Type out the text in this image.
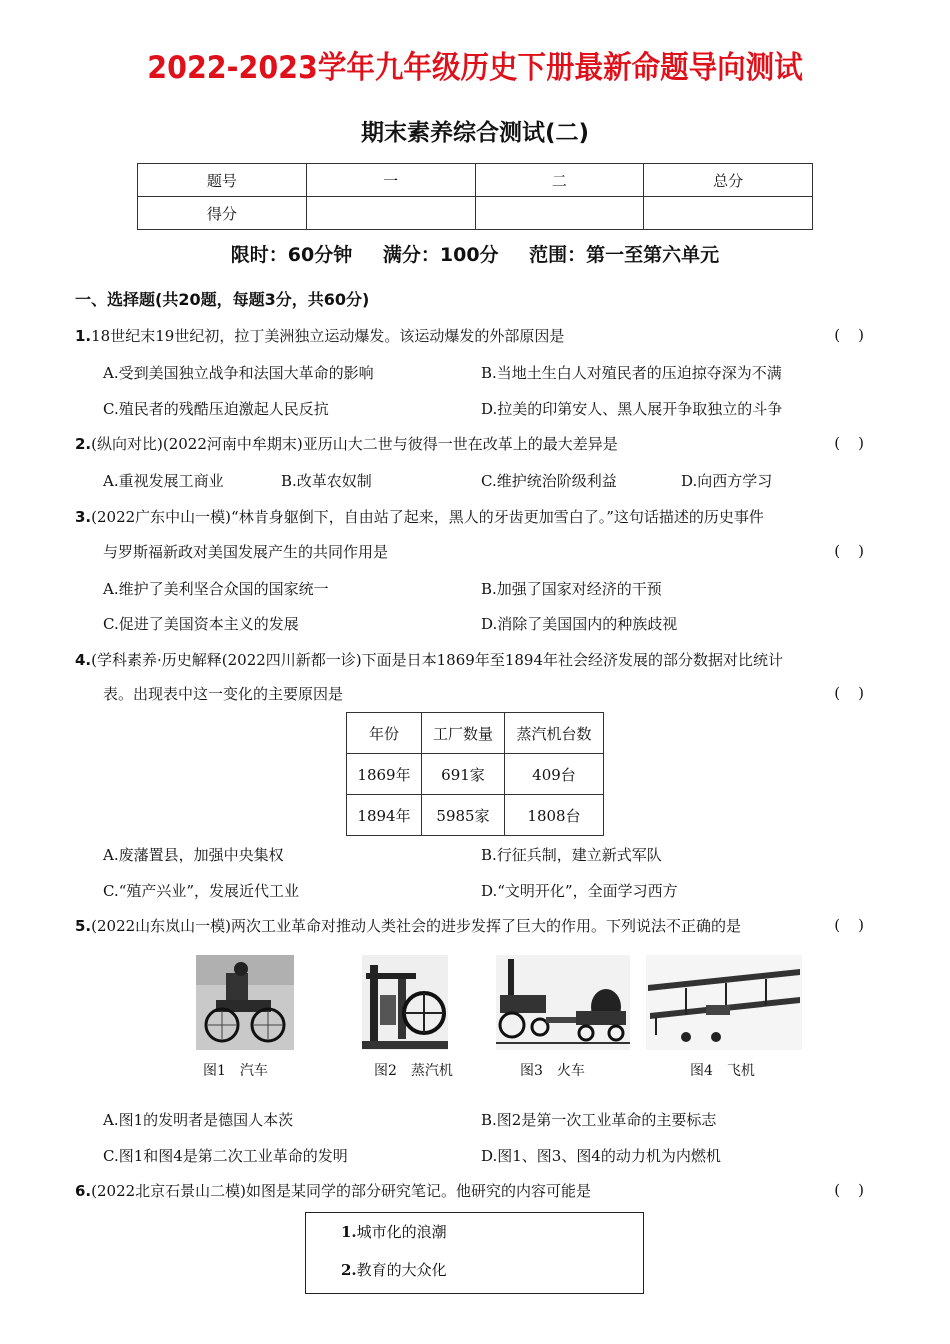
2022-2023学年九年级历史下册最新命题导向测试
期末素养综合测试(二)
题号	一	二	总分
得分			
限时：60分钟 满分：100分 范围：第一至第六单元
一、选择题(共20题，每题3分，共60分)
1.18世纪末19世纪初，拉丁美洲独立运动爆发。该运动爆发的外部原因是	()
A.受到美国独立战争和法国大革命的影响	B.当地土生白人对殖民者的压迫掠夺深为不满
C.殖民者的残酷压迫激起人民反抗	D.拉美的印第安人、黑人展开争取独立的斗争
2.(纵向对比)(2022河南中牟期末)亚历山大二世与彼得一世在改革上的最大差异是	()
A.重视发展工商业	B.改革农奴制	C.维护统治阶级利益	D.向西方学习
3.(2022广东中山一模)“林肯身躯倒下，自由站了起来，黑人的牙齿更加雪白了。”这句话描述的历史事件
与罗斯福新政对美国发展产生的共同作用是	()
A.维护了美利坚合众国的国家统一	B.加强了国家对经济的干预
C.促进了美国资本主义的发展	D.消除了美国国内的种族歧视
4.(学科素养·历史解释(2022四川新都一诊)下面是日本1869年至1894年社会经济发展的部分数据对比统计
表。出现表中这一变化的主要原因是	()
年份	工厂数量	蒸汽机台数
1869年	691家	409台
1894年	5985家	1808台
A.废藩置县，加强中央集权	B.行征兵制，建立新式军队
C.“殖产兴业”，发展近代工业	D.“文明开化”，全面学习西方
5.(2022山东岚山一模)两次工业革命对推动人类社会的进步发挥了巨大的作用。下列说法不正确的是	()
图1　汽车	图2　蒸汽机	图3　火车	图4　飞机
A.图1的发明者是德国人本茨	B.图2是第一次工业革命的主要标志
C.图1和图4是第二次工业革命的发明	D.图1、图3、图4的动力机为内燃机
6.(2022北京石景山二模)如图是某同学的部分研究笔记。他研究的内容可能是	()
1.城市化的浪潮
2.教育的大众化
